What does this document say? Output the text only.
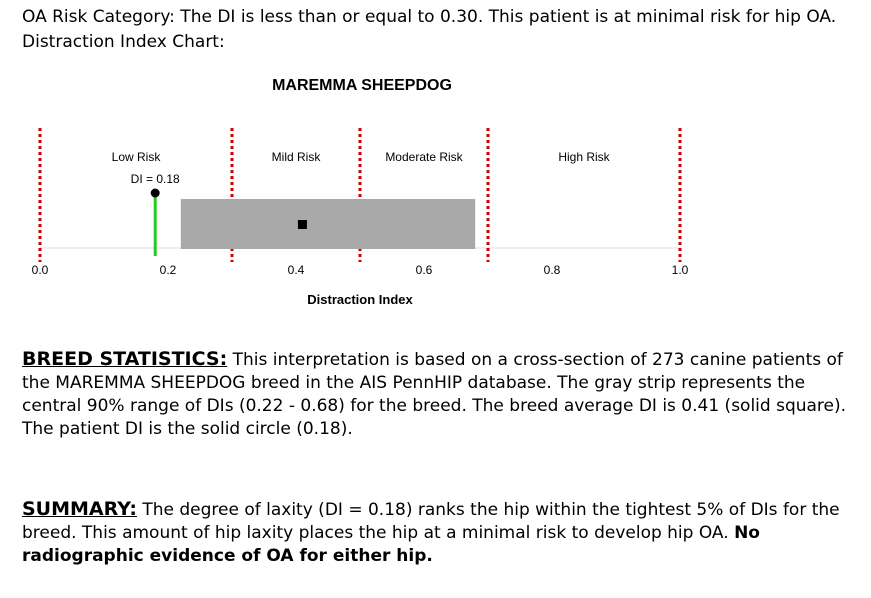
OA Risk Category: The DI is less than or equal to 0.30. This patient is at minimal risk for hip OA.
Distraction Index Chart:
MAREMMA SHEEPDOG
Low Risk	Mild Risk	Moderate Risk	High Risk
0.0	0.2	0.4	0.6	0.8	1.0
DI = 0.18
Distraction Index
BREED STATISTICS: This interpretation is based on a cross-section of 273 canine patients of the MAREMMA SHEEPDOG breed in the AIS PennHIP database. The gray strip represents the central 90% range of DIs (0.22 - 0.68) for the breed. The breed average DI is 0.41 (solid square). The patient DI is the solid circle (0.18).
SUMMARY: The degree of laxity (DI = 0.18) ranks the hip within the tightest 5% of DIs for the breed. This amount of hip laxity places the hip at a minimal risk to develop hip OA. No radiographic evidence of OA for either hip.
